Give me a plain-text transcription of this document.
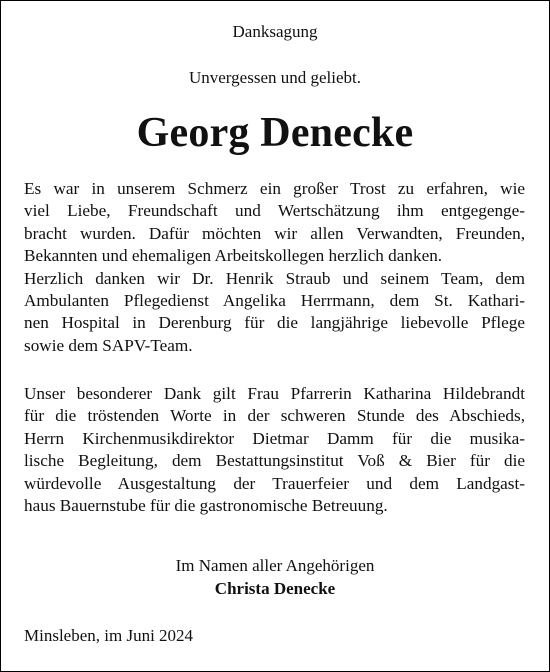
Danksagung

Unvergessen und geliebt.

Georg Denecke

Es war in unserem Schmerz ein großer Trost zu erfahren, wie
viel Liebe, Freundschaft und Wertschätzung ihm entgegenge-
bracht wurden. Dafür möchten wir allen Verwandten, Freunden,
Bekannten und ehemaligen Arbeitskollegen herzlich danken.
Herzlich danken wir Dr. Henrik Straub und seinem Team, dem
Ambulanten Pflegedienst Angelika Herrmann, dem St. Kathari-
nen Hospital in Derenburg für die langjährige liebevolle Pflege
sowie dem SAPV-Team.

Unser besonderer Dank gilt Frau Pfarrerin Katharina Hildebrandt
für die tröstenden Worte in der schweren Stunde des Abschieds,
Herrn Kirchenmusikdirektor Dietmar Damm für die musika-
lische Begleitung, dem Bestattungsinstitut Voß & Bier für die
würdevolle Ausgestaltung der Trauerfeier und dem Landgast-
haus Bauernstube für die gastronomische Betreuung.

Im Namen aller Angehörigen

Christa Denecke

Minsleben, im Juni 2024
